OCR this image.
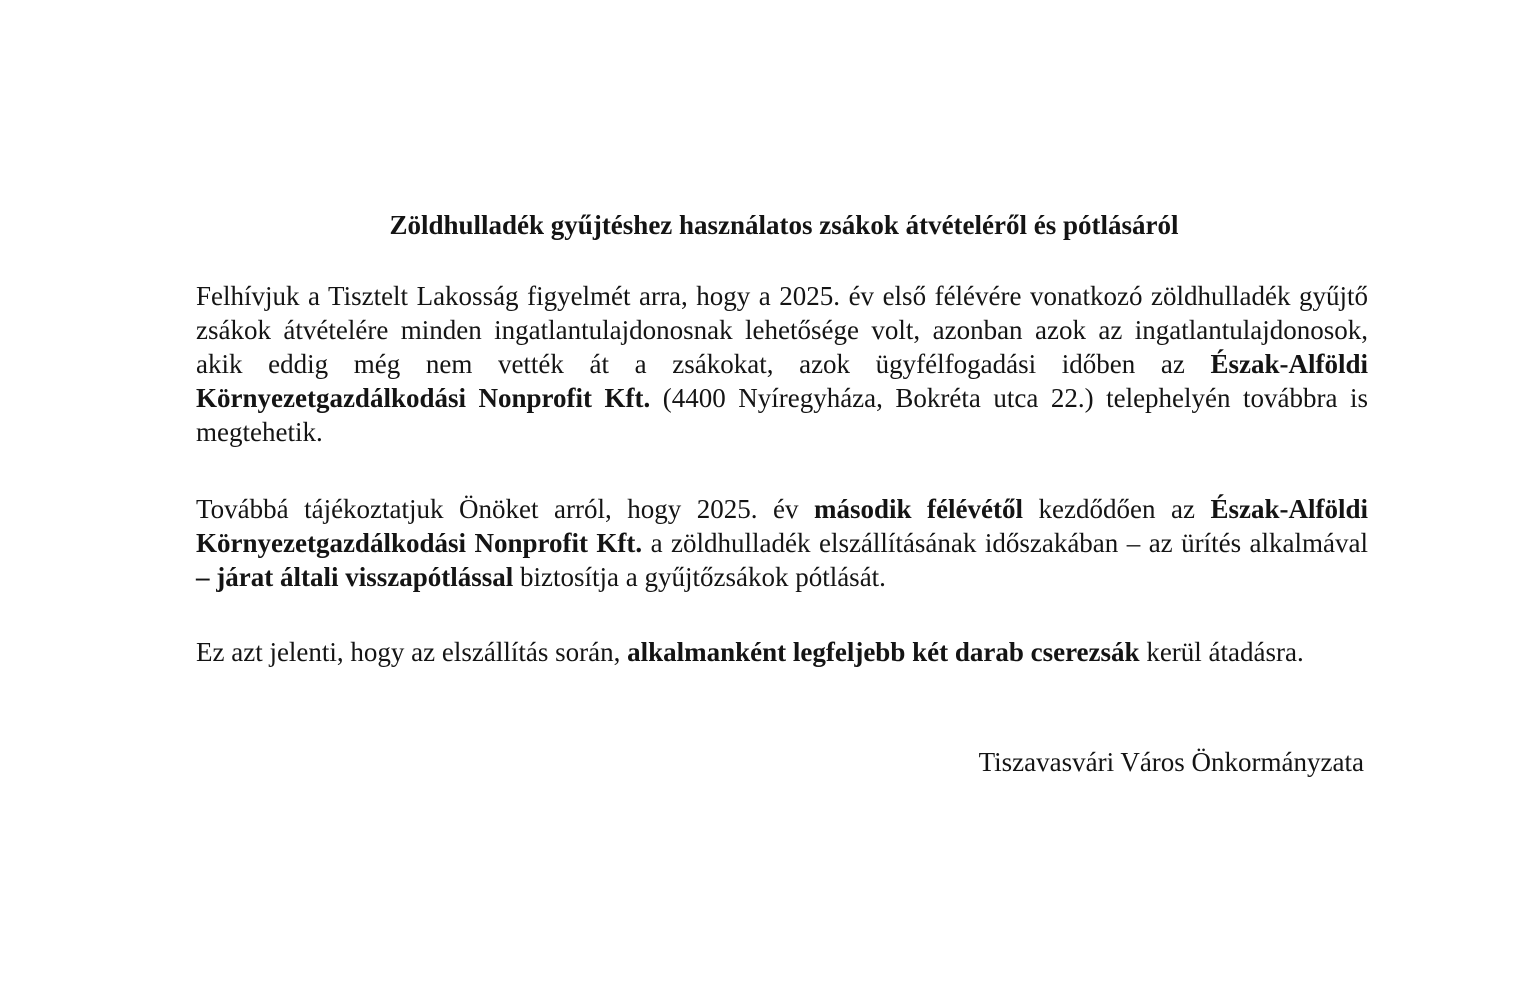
Zöldhulladék gyűjtéshez használatos zsákok átvételéről és pótlásáról

Felhívjuk a Tisztelt Lakosság figyelmét arra, hogy a 2025. év első félévére vonatkozó zöldhulladék gyűjtő zsákok átvételére minden ingatlantulajdonosnak lehetősége volt, azonban azok az ingatlantulajdonosok, akik eddig még nem vették át a zsákokat, azok ügyfélfogadási időben az Észak-Alföldi Környezetgazdálkodási Nonprofit Kft. (4400 Nyíregyháza, Bokréta utca 22.) telephelyén továbbra is megtehetik.

Továbbá tájékoztatjuk Önöket arról, hogy 2025. év második félévétől kezdődően az Észak-Alföldi Környezetgazdálkodási Nonprofit Kft. a zöldhulladék elszállításának időszakában – az ürítés alkalmával – járat általi visszapótlással biztosítja a gyűjtőzsákok pótlását.

Ez azt jelenti, hogy az elszállítás során, alkalmanként legfeljebb két darab cserezsák kerül átadásra.

Tiszavasvári Város Önkormányzata
